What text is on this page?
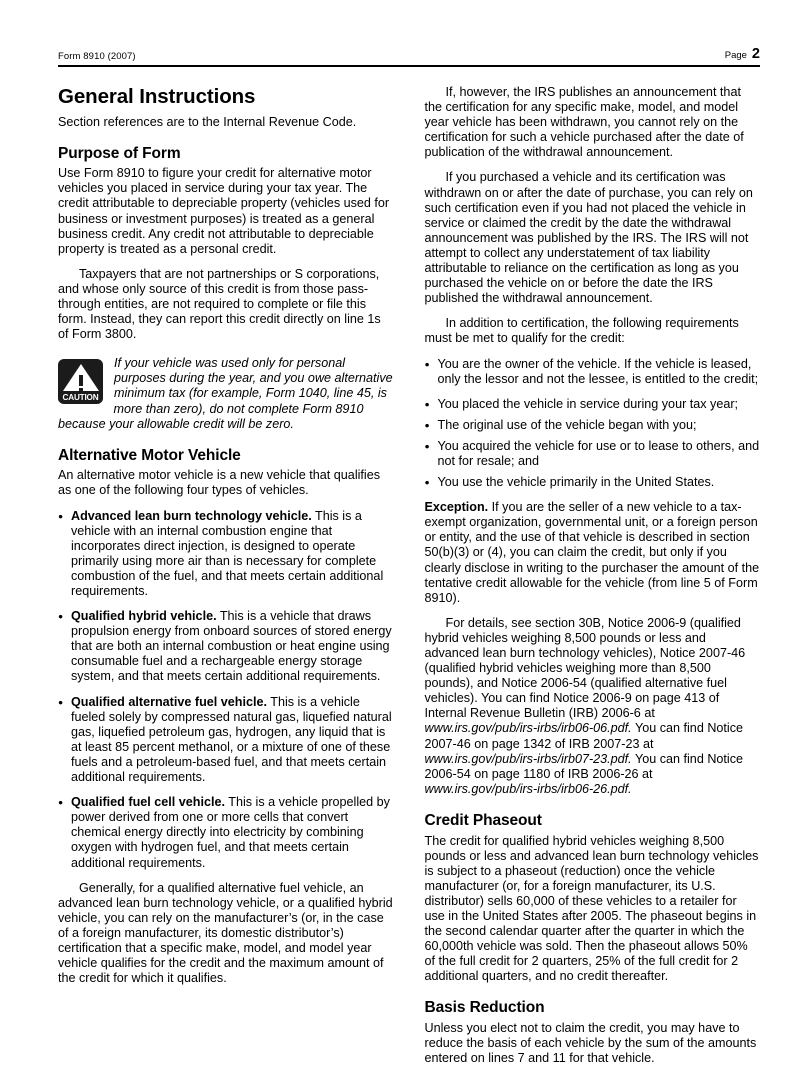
Form 8910 (2007)	Page 2
General Instructions

Section references are to the Internal Revenue Code.

Purpose of Form

Use Form 8910 to figure your credit for alternative motor vehicles you placed in service during your tax year. The credit attributable to depreciable property (vehicles used for business or investment purposes) is treated as a general business credit. Any credit not attributable to depreciable property is treated as a personal credit.

Taxpayers that are not partnerships or S corporations, and whose only source of this credit is from those pass-through entities, are not required to complete or file this form. Instead, they can report this credit directly on line 1s of Form 3800.

CAUTION
If your vehicle was used only for personal purposes during the year, and you owe alternative minimum tax (for example, Form 1040, line 45, is more than zero), do not complete Form 8910 because your allowable credit will be zero.
Alternative Motor Vehicle

An alternative motor vehicle is a new vehicle that qualifies as one of the following four types of vehicles.

● Advanced lean burn technology vehicle. This is a vehicle with an internal combustion engine that incorporates direct injection, is designed to operate primarily using more air than is necessary for complete combustion of the fuel, and that meets certain additional requirements.

● Qualified hybrid vehicle. This is a vehicle that draws propulsion energy from onboard sources of stored energy that are both an internal combustion or heat engine using consumable fuel and a rechargeable energy storage system, and that meets certain additional requirements.

● Qualified alternative fuel vehicle. This is a vehicle fueled solely by compressed natural gas, liquefied natural gas, liquefied petroleum gas, hydrogen, any liquid that is at least 85 percent methanol, or a mixture of one of these fuels and a petroleum-based fuel, and that meets certain additional requirements.

● Qualified fuel cell vehicle. This is a vehicle propelled by power derived from one or more cells that convert chemical energy directly into electricity by combining oxygen with hydrogen fuel, and that meets certain additional requirements.

Generally, for a qualified alternative fuel vehicle, an advanced lean burn technology vehicle, or a qualified hybrid vehicle, you can rely on the manufacturer’s (or, in the case of a foreign manufacturer, its domestic distributor’s) certification that a specific make, model, and model year vehicle qualifies for the credit and the maximum amount of the credit for which it qualifies.

If, however, the IRS publishes an announcement that the certification for any specific make, model, and model year vehicle has been withdrawn, you cannot rely on the certification for such a vehicle purchased after the date of publication of the withdrawal announcement.

If you purchased a vehicle and its certification was withdrawn on or after the date of purchase, you can rely on such certification even if you had not placed the vehicle in service or claimed the credit by the date the withdrawal announcement was published by the IRS. The IRS will not attempt to collect any understatement of tax liability attributable to reliance on the certification as long as you purchased the vehicle on or before the date the IRS published the withdrawal announcement.

In addition to certification, the following requirements must be met to qualify for the credit:

● You are the owner of the vehicle. If the vehicle is leased, only the lessor and not the lessee, is entitled to the credit;

● You placed the vehicle in service during your tax year;

● The original use of the vehicle began with you;

● You acquired the vehicle for use or to lease to others, and not for resale; and

● You use the vehicle primarily in the United States.

Exception. If you are the seller of a new vehicle to a tax-exempt organization, governmental unit, or a foreign person or entity, and the use of that vehicle is described in section 50(b)(3) or (4), you can claim the credit, but only if you clearly disclose in writing to the purchaser the amount of the tentative credit allowable for the vehicle (from line 5 of Form 8910).

For details, see section 30B, Notice 2006-9 (qualified hybrid vehicles weighing 8,500 pounds or less and advanced lean burn technology vehicles), Notice 2007-46 (qualified hybrid vehicles weighing more than 8,500 pounds), and Notice 2006-54 (qualified alternative fuel vehicles). You can find Notice 2006-9 on page 413 of Internal Revenue Bulletin (IRB) 2006-6 at www.irs.gov/pub/irs-irbs/irb06-06.pdf. You can find Notice 2007-46 on page 1342 of IRB 2007-23 at www.irs.gov/pub/irs-irbs/irb07-23.pdf. You can find Notice 2006-54 on page 1180 of IRB 2006-26 at www.irs.gov/pub/irs-irbs/irb06-26.pdf.

Credit Phaseout

The credit for qualified hybrid vehicles weighing 8,500 pounds or less and advanced lean burn technology vehicles is subject to a phaseout (reduction) once the vehicle manufacturer (or, for a foreign manufacturer, its U.S. distributor) sells 60,000 of these vehicles to a retailer for use in the United States after 2005. The phaseout begins in the second calendar quarter after the quarter in which the 60,000th vehicle was sold. Then the phaseout allows 50% of the full credit for 2 quarters, 25% of the full credit for 2 additional quarters, and no credit thereafter.

Basis Reduction

Unless you elect not to claim the credit, you may have to reduce the basis of each vehicle by the sum of the amounts entered on lines 7 and 11 for that vehicle.
